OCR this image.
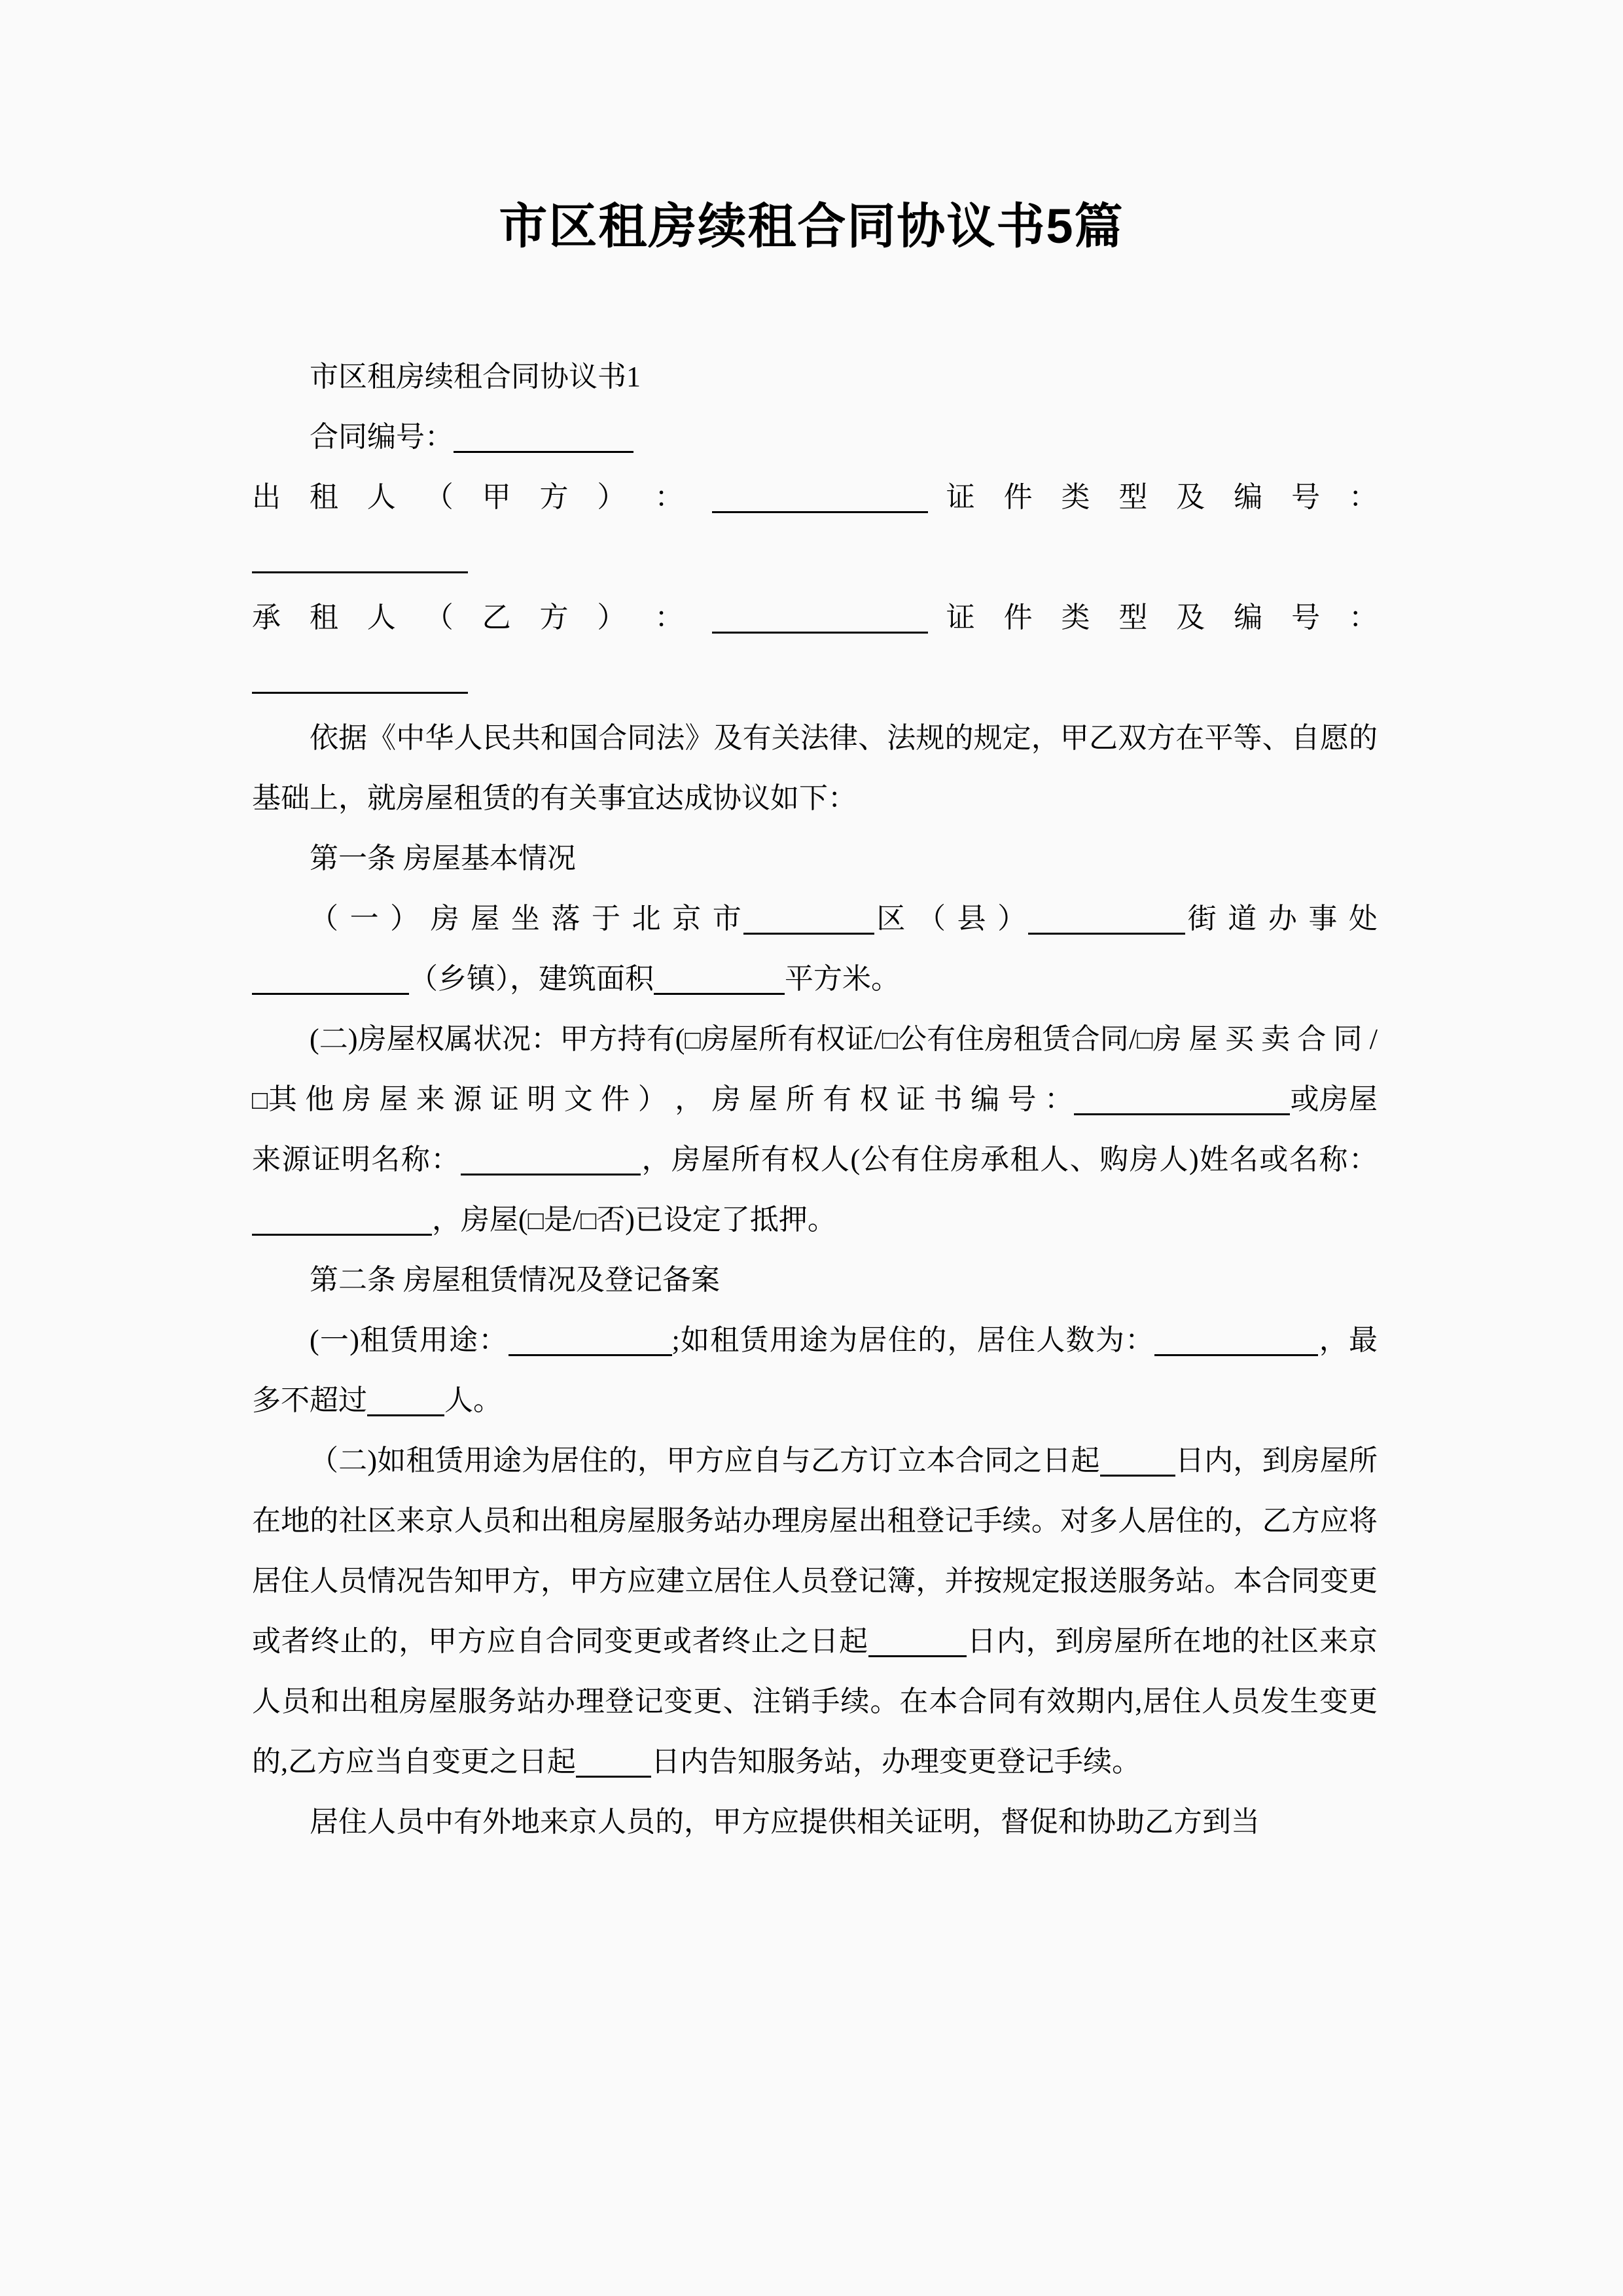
市区租房续租合同协议书5篇

市区租房续租合同协议书1

合同编号：

出 租 人 （ 甲 方 ） ：	证 件 类 型 及 编 号 ：

承 租 人 （ 乙 方 ） ：	证 件 类 型 及 编 号 ：

依据《中华人民共和国合同法》及有关法律、法规的规定，甲乙双方在平等、自愿的基础上，就房屋租赁的有关事宜达成协议如下：

第一条 房屋基本情况

（ 一 ） 房 屋 坐 落 于 北 京 市	区 （ 县 ）	街 道 办 事 处（乡镇），建筑面积	平方米。

(二)房屋权属状况：甲方持有(□房屋所有权证/□公有住房租赁合同/□房 屋 买 卖 合 同 /□其 他 房 屋 来 源 证 明 文 件 ） ， 房 屋 所 有 权 证 书 编 号 ：	或房屋来源证明名称：	，房屋所有权人(公有住房承租人、购房人)姓名或名称：，房屋(□是/□否)已设定了抵押。

第二条 房屋租赁情况及登记备案

(一)租赁用途：	;如租赁用途为居住的，居住人数为：	，最多不超过	人。

（二)如租赁用途为居住的，甲方应自与乙方订立本合同之日起	日内，到房屋所在地的社区来京人员和出租房屋服务站办理房屋出租登记手续。对多人居住的，乙方应将居住人员情况告知甲方，甲方应建立居住人员登记簿，并按规定报送服务站。本合同变更或者终止的，甲方应自合同变更或者终止之日起	日内，到房屋所在地的社区来京人员和出租房屋服务站办理登记变更、注销手续。在本合同有效期内,居住人员发生变更的,乙方应当自变更之日起	日内告知服务站，办理变更登记手续。

居住人员中有外地来京人员的，甲方应提供相关证明，督促和协助乙方到当
